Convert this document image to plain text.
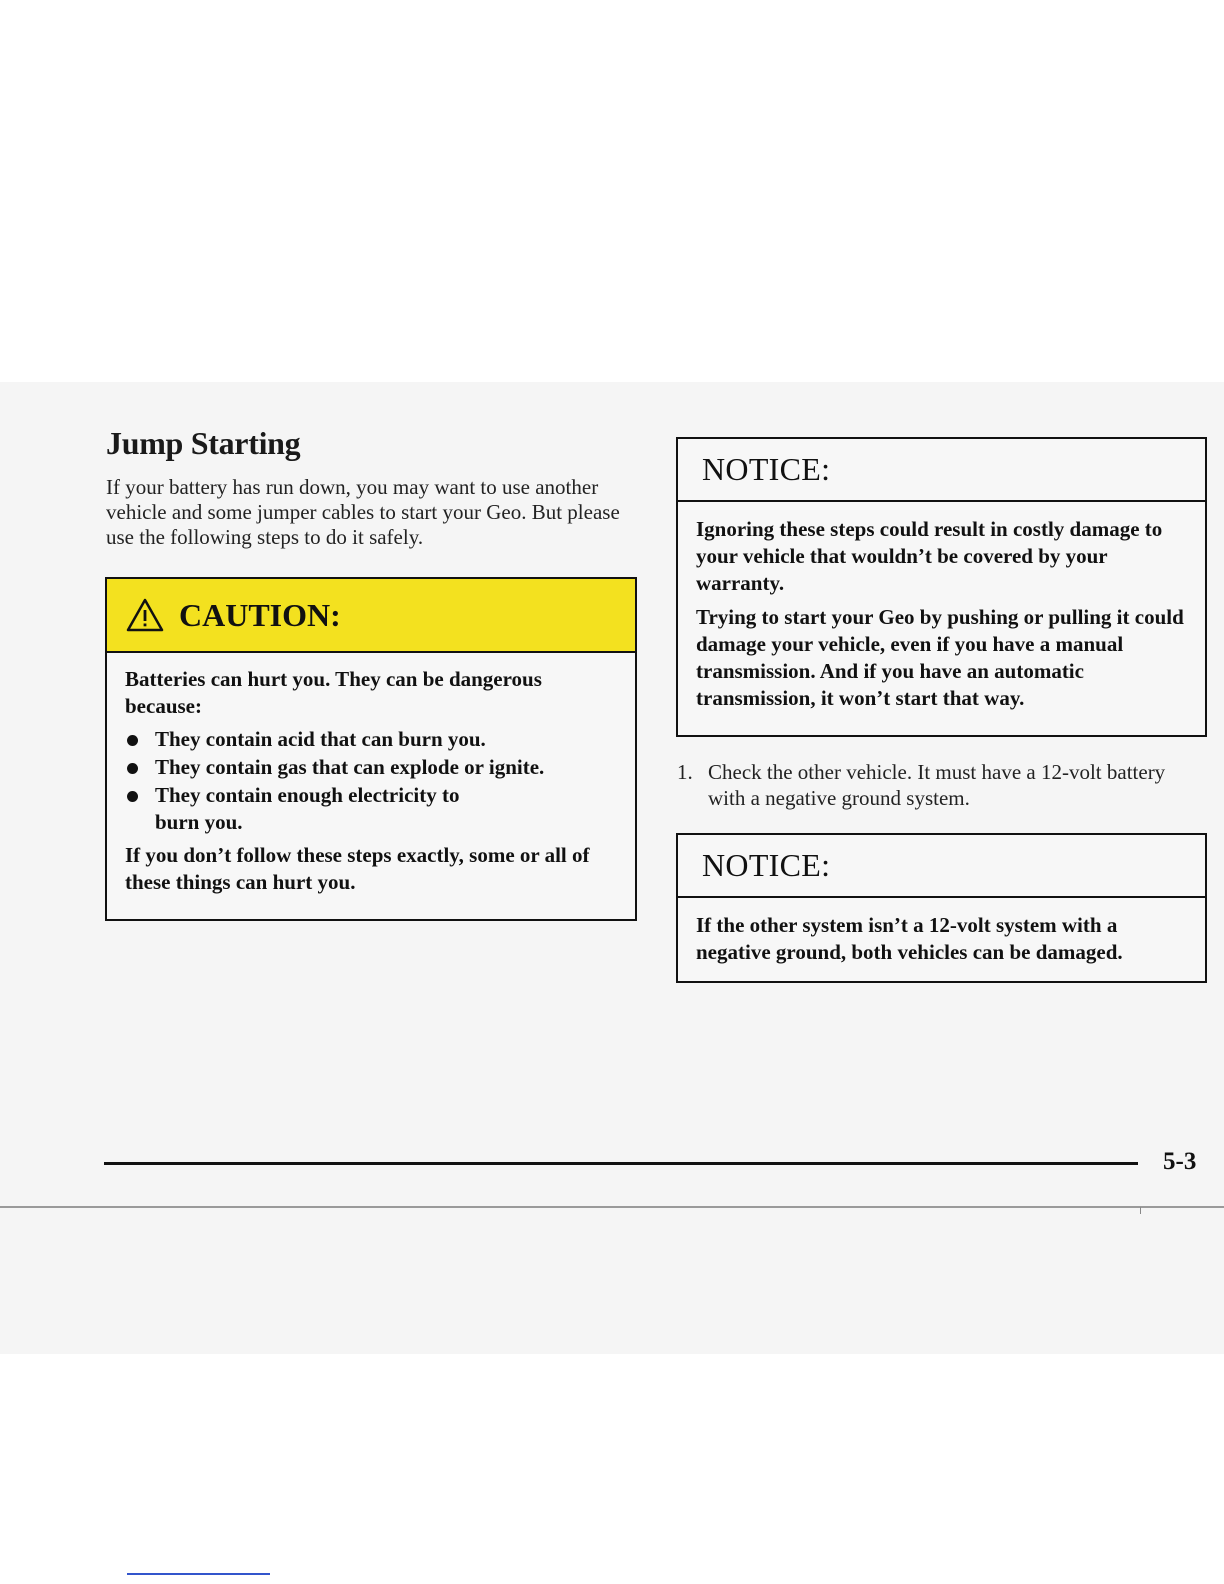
Jump Starting

If your battery has run down, you may want to use another vehicle and some jumper cables to start your Geo. But please use the following steps to do it safely.

CAUTION:

Batteries can hurt you. They can be dangerous because:

They contain acid that can burn you.
They contain gas that can explode or ignite.
They contain enough electricity to burn you.

If you don’t follow these steps exactly, some or all of these things can hurt you.

NOTICE:

Ignoring these steps could result in costly damage to your vehicle that wouldn’t be covered by your warranty.

Trying to start your Geo by pushing or pulling it could damage your vehicle, even if you have a manual transmission. And if you have an automatic transmission, it won’t start that way.

1. Check the other vehicle. It must have a 12-volt battery with a negative ground system.
NOTICE:

If the other system isn’t a 12-volt system with a negative ground, both vehicles can be damaged.

5-3
